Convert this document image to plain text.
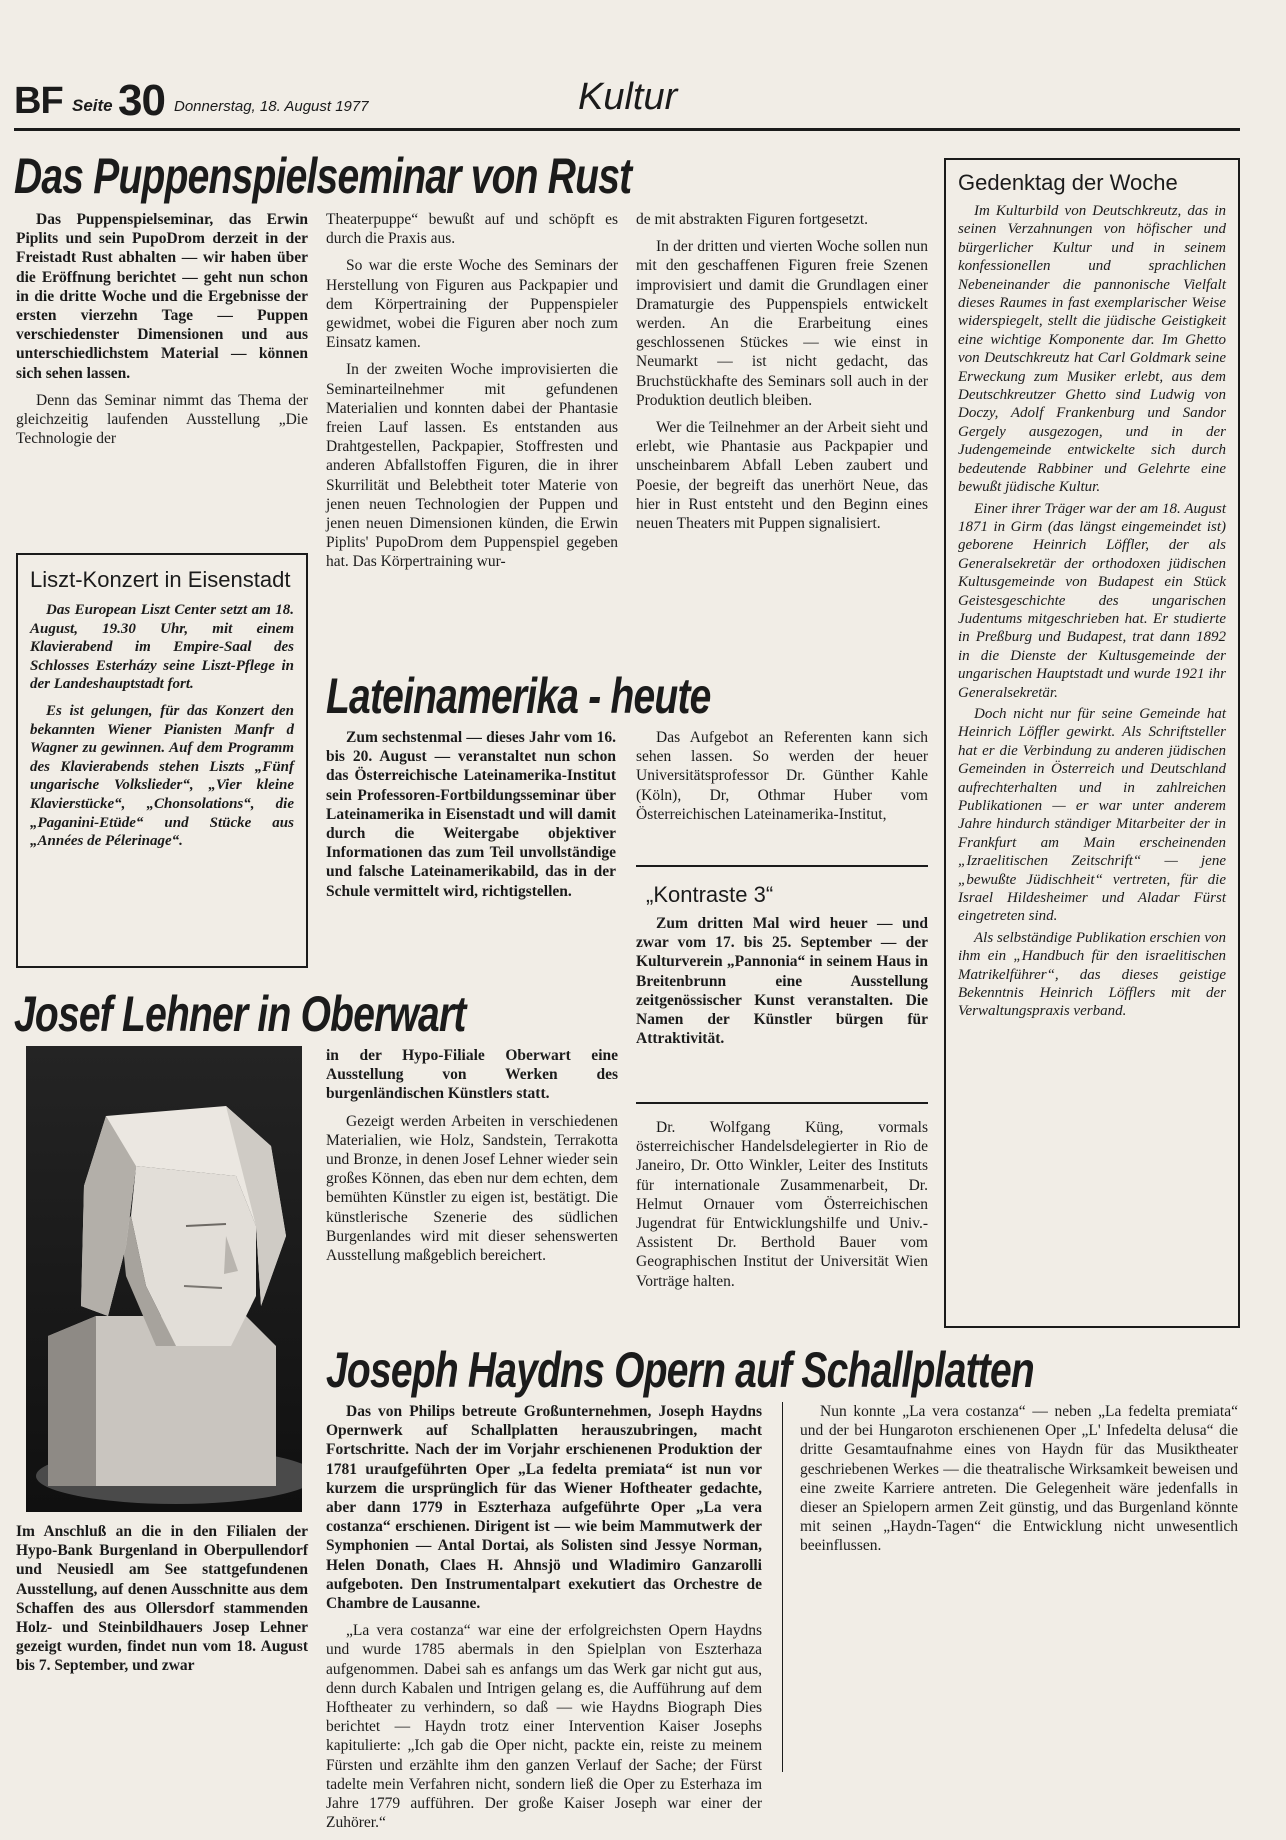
BF Seite 30 Donnerstag, 18. August 1977	Kultur
Das Puppenspielseminar von Rust

Das Puppenspielseminar, das Erwin Piplits und sein PupoDrom derzeit in der Freistadt Rust abhalten — wir haben über die Eröffnung berichtet — geht nun schon in die dritte Woche und die Ergebnisse der ersten vierzehn Tage — Puppen verschiedenster Dimensionen und aus unterschiedlichstem Material — können sich sehen lassen.

Denn das Seminar nimmt das Thema der gleichzeitig laufenden Ausstellung „Die Technologie der

Theaterpuppe“ bewußt auf und schöpft es durch die Praxis aus.

So war die erste Woche des Seminars der Herstellung von Figuren aus Packpapier und dem Körpertraining der Puppenspieler gewidmet, wobei die Figuren aber noch zum Einsatz kamen.

In der zweiten Woche improvisierten die Seminarteilnehmer mit gefundenen Materialien und konnten dabei der Phantasie freien Lauf lassen. Es entstanden aus Drahtgestellen, Packpapier, Stoffresten und anderen Abfallstoffen Figuren, die in ihrer Skurrilität und Belebtheit toter Materie von jenen neuen Technologien der Puppen und jenen neuen Dimensionen künden, die Erwin Piplits' PupoDrom dem Puppenspiel gegeben hat. Das Körpertraining wur-

de mit abstrakten Figuren fortgesetzt.

In der dritten und vierten Woche sollen nun mit den geschaffenen Figuren freie Szenen improvisiert und damit die Grundlagen einer Dramaturgie des Puppenspiels entwickelt werden. An die Erarbeitung eines geschlossenen Stückes — wie einst in Neumarkt — ist nicht gedacht, das Bruchstückhafte des Seminars soll auch in der Produktion deutlich bleiben.

Wer die Teilnehmer an der Arbeit sieht und erlebt, wie Phantasie aus Packpapier und unscheinbarem Abfall Leben zaubert und Poesie, der begreift das unerhört Neue, das hier in Rust entsteht und den Beginn eines neuen Theaters mit Puppen signalisiert.

Liszt-Konzert in Eisenstadt

Das European Liszt Center setzt am 18. August, 19.30 Uhr, mit einem Klavierabend im Empire-Saal des Schlosses Esterházy seine Liszt-Pflege in der Landeshauptstadt fort.

Es ist gelungen, für das Konzert den bekannten Wiener Pianisten Manfr d Wagner zu gewinnen. Auf dem Programm des Klavierabends stehen Liszts „Fünf ungarische Volkslieder“, „Vier kleine Klavierstücke“, „Chonsolations“, die „Paganini-Etüde“ und Stücke aus „Années de Pélerinage“.

Gedenktag der Woche

Im Kulturbild von Deutschkreutz, das in seinen Verzahnungen von höfischer und bürgerlicher Kultur und in seinem konfessionellen und sprachlichen Nebeneinander die pannonische Vielfalt dieses Raumes in fast exemplarischer Weise widerspiegelt, stellt die jüdische Geistigkeit eine wichtige Komponente dar. Im Ghetto von Deutschkreutz hat Carl Goldmark seine Erweckung zum Musiker erlebt, aus dem Deutschkreutzer Ghetto sind Ludwig von Doczy, Adolf Frankenburg und Sandor Gergely ausgezogen, und in der Judengemeinde entwickelte sich durch bedeutende Rabbiner und Gelehrte eine bewußt jüdische Kultur.

Einer ihrer Träger war der am 18. August 1871 in Girm (das längst eingemeindet ist) geborene Heinrich Löffler, der als Generalsekretär der orthodoxen jüdischen Kultusgemeinde von Budapest ein Stück Geistesgeschichte des ungarischen Judentums mitgeschrieben hat. Er studierte in Preßburg und Budapest, trat dann 1892 in die Dienste der Kultusgemeinde der ungarischen Hauptstadt und wurde 1921 ihr Generalsekretär.

Doch nicht nur für seine Gemeinde hat Heinrich Löffler gewirkt. Als Schriftsteller hat er die Verbindung zu anderen jüdischen Gemeinden in Österreich und Deutschland aufrechterhalten und in zahlreichen Publikationen — er war unter anderem Jahre hindurch ständiger Mitarbeiter der in Frankfurt am Main erscheinenden „Izraelitischen Zeitschrift“ — jene „bewußte Jüdischheit“ vertreten, für die Israel Hildesheimer und Aladar Fürst eingetreten sind.

Als selbständige Publikation erschien von ihm ein „Handbuch für den israelitischen Matrikelführer“, das dieses geistige Bekenntnis Heinrich Löfflers mit der Verwaltungspraxis verband.

Lateinamerika - heute

Zum sechstenmal — dieses Jahr vom 16. bis 20. August — veranstaltet nun schon das Österreichische Lateinamerika-Institut sein Professoren-Fortbildungsseminar über Lateinamerika in Eisenstadt und will damit durch die Weitergabe objektiver Informationen das zum Teil unvollständige und falsche Lateinamerikabild, das in der Schule vermittelt wird, richtigstellen.

Das Aufgebot an Referenten kann sich sehen lassen. So werden der heuer Universitätsprofessor Dr. Günther Kahle (Köln), Dr, Othmar Huber vom Österreichischen Lateinamerika-Institut,

„Kontraste 3“

Zum dritten Mal wird heuer — und zwar vom 17. bis 25. September — der Kulturverein „Pannonia“ in seinem Haus in Breitenbrunn eine Ausstellung zeitgenössischer Kunst veranstalten. Die Namen der Künstler bürgen für Attraktivität.

Dr. Wolfgang Küng, vormals österreichischer Handelsdelegierter in Rio de Janeiro, Dr. Otto Winkler, Leiter des Instituts für internationale Zusammenarbeit, Dr. Helmut Ornauer vom Österreichischen Jugendrat für Entwicklungshilfe und Univ.-Assistent Dr. Berthold Bauer vom Geographischen Institut der Universität Wien Vorträge halten.

Josef Lehner in Oberwart

Im Anschluß an die in den Filialen der Hypo-Bank Burgenland in Oberpullendorf und Neusiedl am See stattgefundenen Ausstellung, auf denen Ausschnitte aus dem Schaffen des aus Ollersdorf stammenden Holz- und Steinbildhauers Josep Lehner gezeigt wurden, findet nun vom 18. August bis 7. September, und zwar

in der Hypo-Filiale Oberwart eine Ausstellung von Werken des burgenländischen Künstlers statt.

Gezeigt werden Arbeiten in verschiedenen Materialien, wie Holz, Sandstein, Terrakotta und Bronze, in denen Josef Lehner wieder sein großes Können, das eben nur dem echten, dem bemühten Künstler zu eigen ist, bestätigt. Die künstlerische Szenerie des südlichen Burgenlandes wird mit dieser sehenswerten Ausstellung maßgeblich bereichert.

Joseph Haydns Opern auf Schallplatten

Das von Philips betreute Großunternehmen, Joseph Haydns Opernwerk auf Schallplatten herauszubringen, macht Fortschritte. Nach der im Vorjahr erschienenen Produktion der 1781 uraufgeführten Oper „La fedelta premiata“ ist nun vor kurzem die ursprünglich für das Wiener Hoftheater gedachte, aber dann 1779 in Eszterhaza aufgeführte Oper „La vera costanza“ erschienen. Dirigent ist — wie beim Mammutwerk der Symphonien — Antal Dortai, als Solisten sind Jessye Norman, Helen Donath, Claes H. Ahnsjö und Wladimiro Ganzarolli aufgeboten. Den Instrumentalpart exekutiert das Orchestre de Chambre de Lausanne.

„La vera costanza“ war eine der erfolgreichsten Opern Haydns und wurde 1785 abermals in den Spielplan von Eszterhaza aufgenommen. Dabei sah es anfangs um das Werk gar nicht gut aus, denn durch Kabalen und Intrigen gelang es, die Aufführung auf dem Hoftheater zu verhindern, so daß — wie Haydns Biograph Dies berichtet — Haydn trotz einer Intervention Kaiser Josephs kapitulierte: „Ich gab die Oper nicht, packte ein, reiste zu meinem Fürsten und erzählte ihm den ganzen Verlauf der Sache; der Fürst tadelte mein Verfahren nicht, sondern ließ die Oper zu Esterhaza im Jahre 1779 aufführen. Der große Kaiser Joseph war einer der Zuhörer.“

Nun konnte „La vera costanza“ — neben „La fedelta premiata“ und der bei Hungaroton erschienenen Oper „L' Infedelta delusa“ die dritte Gesamtaufnahme eines von Haydn für das Musiktheater geschriebenen Werkes — die theatralische Wirksamkeit beweisen und eine zweite Karriere antreten. Die Gelegenheit wäre jedenfalls in dieser an Spielopern armen Zeit günstig, und das Burgenland könnte mit seinen „Haydn-Tagen“ die Entwicklung nicht unwesentlich beeinflussen.
